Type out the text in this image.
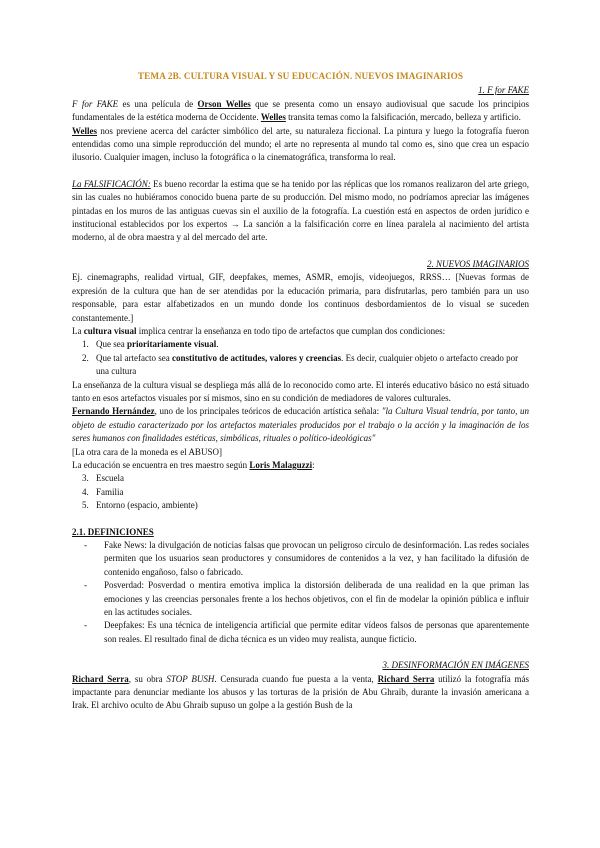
TEMA 2B. CULTURA VISUAL Y SU EDUCACIÓN. NUEVOS IMAGINARIOS
1. F for FAKE

F for FAKE es una película de Orson Welles que se presenta como un ensayo audiovisual que sacude los principios fundamentales de la estética moderna de Occidente. Welles transita temas como la falsificación, mercado, belleza y artificio.

Welles nos previene acerca del carácter simbólico del arte, su naturaleza ficcional. La pintura y luego la fotografía fueron entendidas como una simple reproducción del mundo; el arte no representa al mundo tal como es, sino que crea un espacio ilusorio. Cualquier imagen, incluso la fotográfica o la cinematográfica, transforma lo real.

La FALSIFICACIÓN: Es bueno recordar la estima que se ha tenido por las réplicas que los romanos realizaron del arte griego, sin las cuales no hubiéramos conocido buena parte de su producción. Del mismo modo, no podríamos apreciar las imágenes pintadas en los muros de las antiguas cuevas sin el auxilio de la fotografía. La cuestión está en aspectos de orden jurídico e institucional establecidos por los expertos → La sanción a la falsificación corre en línea paralela al nacimiento del artista moderno, al de obra maestra y al del mercado del arte.

2. NUEVOS IMAGINARIOS

Ej. cinemagraphs, realidad virtual, GIF, deepfakes, memes, ASMR, emojis, videojuegos, RRSS… [Nuevas formas de expresión de la cultura que han de ser atendidas por la educación primaria, para disfrutarlas, pero también para un uso responsable, para estar alfabetizados en un mundo donde los continuos desbordamientos de lo visual se suceden constantemente.]

La cultura visual implica centrar la enseñanza en todo tipo de artefactos que cumplan dos condiciones:

1. Que sea prioritariamente visual.
2. Que tal artefacto sea constitutivo de actitudes, valores y creencias. Es decir, cualquier objeto o artefacto creado por una cultura

La enseñanza de la cultura visual se despliega más allá de lo reconocido como arte. El interés educativo básico no está situado tanto en esos artefactos visuales por sí mismos, sino en su condición de mediadores de valores culturales.

Fernando Hernández, uno de los principales teóricos de educación artística señala: "la Cultura Visual tendría, por tanto, un objeto de estudio caracterizado por los artefactos materiales producidos por el trabajo o la acción y la imaginación de los seres humanos con finalidades estéticas, simbólicas, rituales o político-ideológicas"

[La otra cara de la moneda es el ABUSO]

La educación se encuentra en tres maestro según Loris Malaguzzi:

3. Escuela
4. Familia
5. Entorno (espacio, ambiente)
2.1. DEFINICIONES
- Fake News: la divulgación de noticias falsas que provocan un peligroso círculo de desinformación. Las redes sociales permiten que los usuarios sean productores y consumidores de contenidos a la vez, y han facilitado la difusión de contenido engañoso, falso o fabricado.
- Posverdad: Posverdad o mentira emotiva implica la distorsión deliberada de una realidad en la que priman las emociones y las creencias personales frente a los hechos objetivos, con el fin de modelar la opinión pública e influir en las actitudes sociales.
- Deepfakes: Es una técnica de inteligencia artificial que permite editar vídeos falsos de personas que aparentemente son reales. El resultado final de dicha técnica es un video muy realista, aunque ficticio.
3. DESINFORMACIÓN EN IMÁGENES

Richard Serra, su obra STOP BUSH. Censurada cuando fue puesta a la venta, Richard Serra utilizó la fotografía más impactante para denunciar mediante los abusos y las torturas de la prisión de Abu Ghraib, durante la invasión americana a Irak. El archivo oculto de Abu Ghraib supuso un golpe a la gestión Bush de la
